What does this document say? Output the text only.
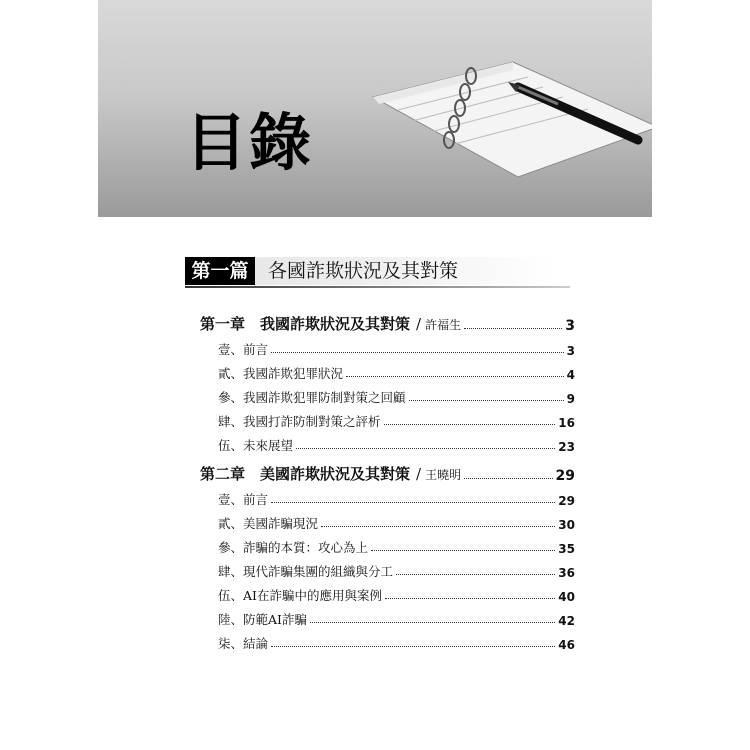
目錄
第一篇	各國詐欺狀況及其對策
第一章　 我國詐欺狀況及其對策 / 許福生	3
壹、前言	3
貳、我國詐欺犯罪狀況	4
參、我國詐欺犯罪防制對策之回顧	9
肆、我國打詐防制對策之評析	16
伍、未來展望	23
第二章　 美國詐欺狀況及其對策 / 王曉明	29
壹、前言	29
貳、美國詐騙現況	30
參、詐騙的本質：攻心為上	35
肆、現代詐騙集團的組織與分工	36
伍、AI在詐騙中的應用與案例	40
陸、防範AI詐騙	42
柒、結論	46
